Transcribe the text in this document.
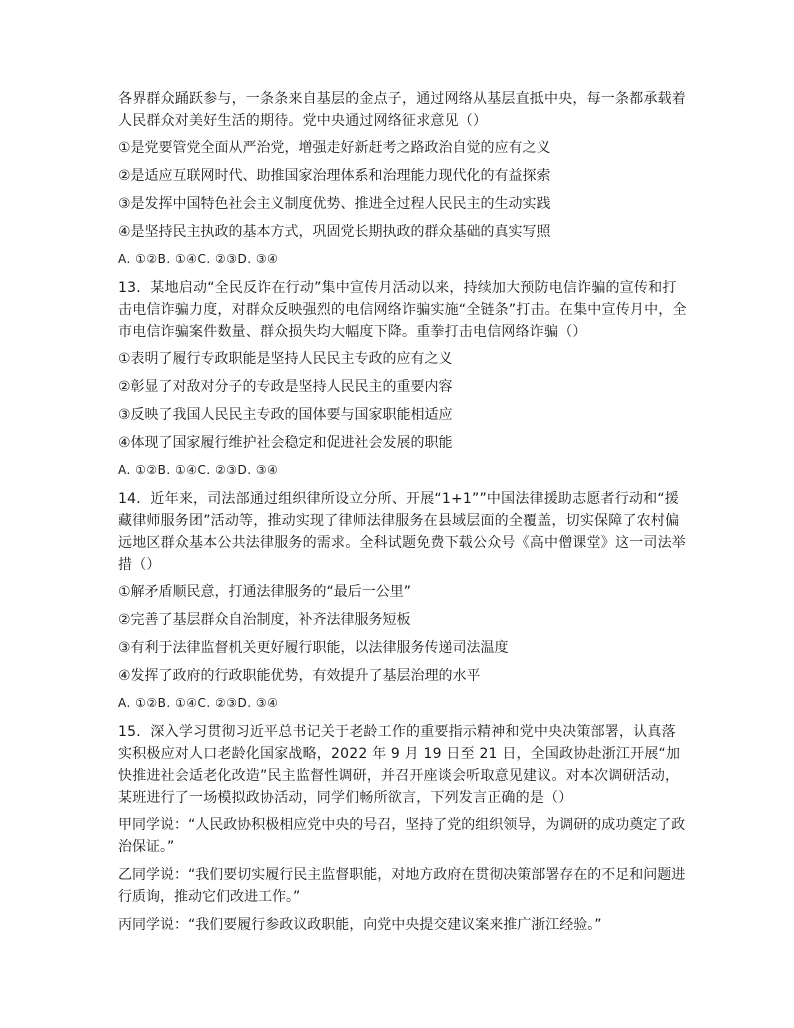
各界群众踊跃参与，一条条来自基层的金点子，通过网络从基层直抵中央，每一条都承载着人民群众对美好生活的期待。党中央通过网络征求意见（）

①是党要管党全面从严治党，增强走好新赶考之路政治自觉的应有之义

②是适应互联网时代、助推国家治理体系和治理能力现代化的有益探索

③是发挥中国特色社会主义制度优势、推进全过程人民民主的生动实践

④是坚持民主执政的基本方式，巩固党长期执政的群众基础的真实写照

A. ①②B. ①④C. ②③D. ③④

13．某地启动“全民反诈在行动”集中宣传月活动以来，持续加大预防电信诈骗的宣传和打击电信诈骗力度，对群众反映强烈的电信网络诈骗实施“全链条”打击。在集中宣传月中，全市电信诈骗案件数量、群众损失均大幅度下降。重拳打击电信网络诈骗（）

①表明了履行专政职能是坚持人民民主专政的应有之义

②彰显了对敌对分子的专政是坚持人民民主的重要内容

③反映了我国人民民主专政的国体要与国家职能相适应

④体现了国家履行维护社会稳定和促进社会发展的职能

A. ①②B. ①④C. ②③D. ③④

14．近年来，司法部通过组织律所设立分所、开展“1+1””中国法律援助志愿者行动和“援藏律师服务团”活动等，推动实现了律师法律服务在县域层面的全覆盖，切实保障了农村偏远地区群众基本公共法律服务的需求。全科试题免费下载公众号《高中僧课堂》这一司法举措（）

①解矛盾顺民意，打通法律服务的“最后一公里”

②完善了基层群众自治制度，补齐法律服务短板

③有利于法律监督机关更好履行职能，以法律服务传递司法温度

④发挥了政府的行政职能优势，有效提升了基层治理的水平

A. ①②B. ①④C. ②③D. ③④

15．深入学习贯彻习近平总书记关于老龄工作的重要指示精神和党中央决策部署，认真落实积极应对人口老龄化国家战略，2022 年 9 月 19 日至 21 日，全国政协赴浙江开展“加快推进社会适老化改造”民主监督性调研，并召开座谈会听取意见建议。对本次调研活动，某班进行了一场模拟政协活动，同学们畅所欲言，下列发言正确的是（）

甲同学说：“人民政协积极相应党中央的号召，坚持了党的组织领导，为调研的成功奠定了政治保证。”

乙同学说：“我们要切实履行民主监督职能，对地方政府在贯彻决策部署存在的不足和问题进行质询，推动它们改进工作。”

丙同学说：“我们要履行参政议政职能，向党中央提交建议案来推广浙江经验。”
